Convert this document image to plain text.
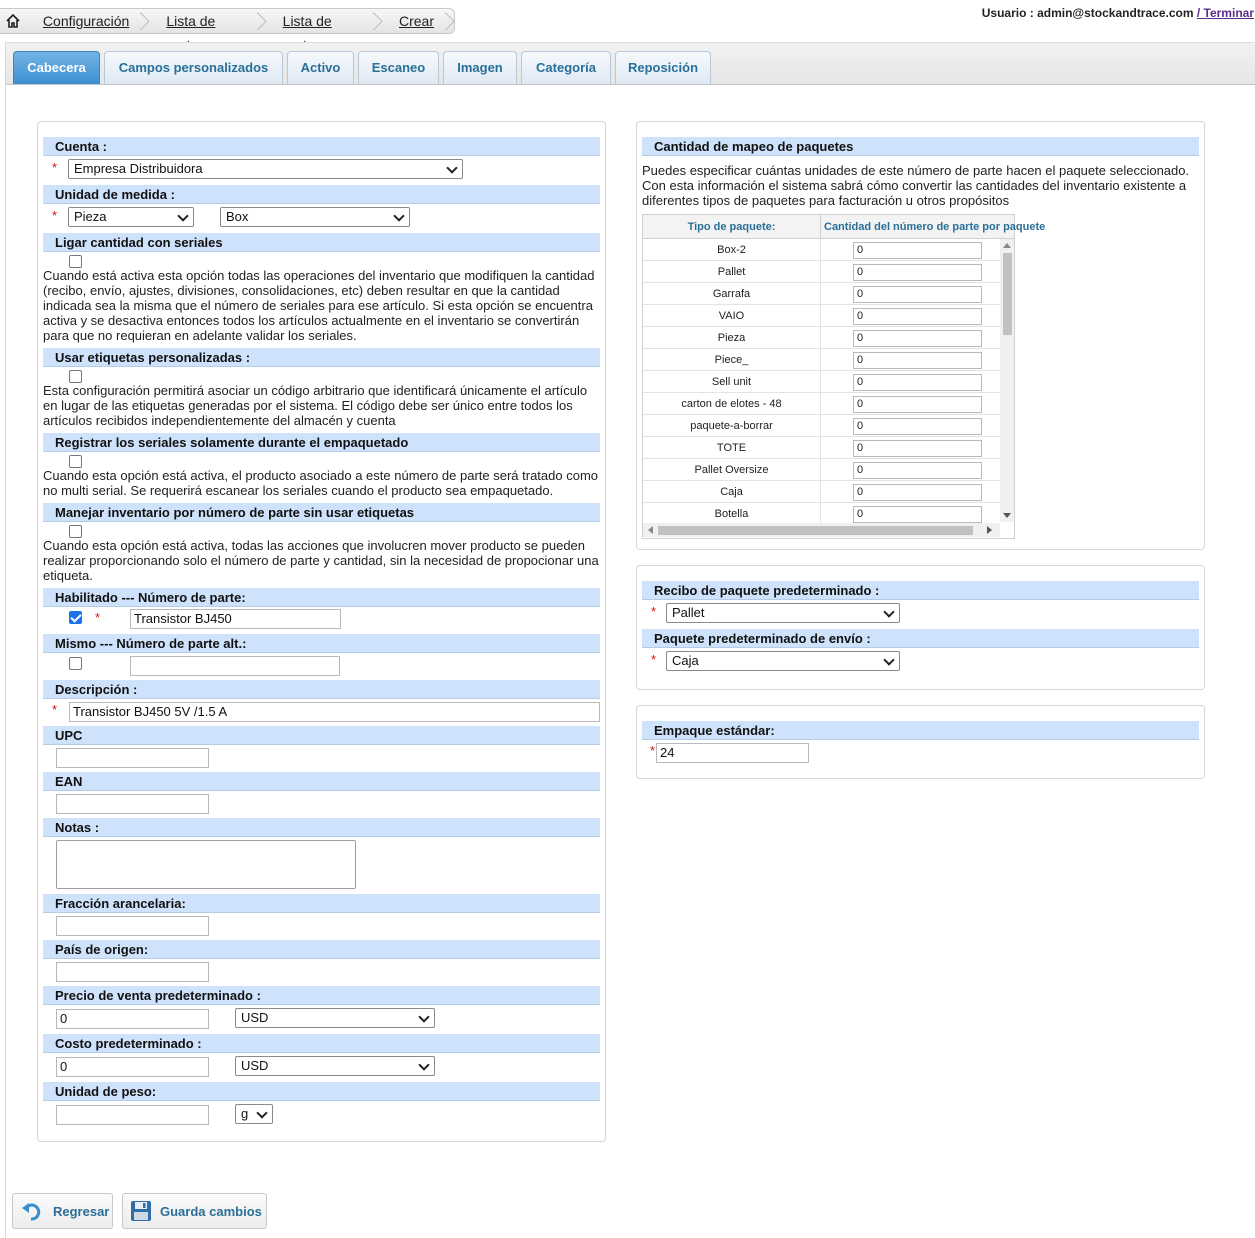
Configuración	Lista de	Lista de	Crear	Usuario : admin@stockandtrace.com / Terminar
Cabecera	Campos personalizados	Activo	Escaneo	Imagen	Categoría	Reposición
Cuenta :
*	Empresa Distribuidora
Unidad de medida :
*	Pieza	Box
Ligar cantidad con seriales
Cuando está activa esta opción todas las operaciones del inventario que modifiquen la cantidad (recibo, envío, ajustes, divisiones, consolidaciones, etc) deben resultar en que la cantidad indicada sea la misma que el número de seriales para ese artículo. Si esta opción se encuentra activa y se desactiva entonces todos los artículos actualmente en el inventario se convertirán para que no requieran en adelante validar los seriales.
Usar etiquetas personalizadas :
Esta configuración permitirá asociar un código arbitrario que identificará únicamente el artículo en lugar de las etiquetas generadas por el sistema. El código debe ser único entre todos los artículos recibidos independientemente del almacén y cuenta
Registrar los seriales solamente durante el empaquetado
Cuando esta opción está activa, el producto asociado a este número de parte será tratado como no multi serial. Se requerirá escanear los seriales cuando el producto sea empaquetado.
Manejar inventario por número de parte sin usar etiquetas
Cuando esta opción está activa, todas las acciones que involucren mover producto se pueden realizar proporcionando solo el número de parte y cantidad, sin la necesidad de propocionar una etiqueta.
Habilitado --- Número de parte:
*	Transistor BJ450
Mismo --- Número de parte alt.:
Descripción :
*	Transistor BJ450 5V /1.5 A
UPC
EAN
Notas :
Fracción arancelaria:
País de origen:
Precio de venta predeterminado :
0	USD
Costo predeterminado :
0	USD
Unidad de peso:
g
Cantidad de mapeo de paquetes
Puedes especificar cuántas unidades de este número de parte hacen el paquete seleccionado. Con esta información el sistema sabrá cómo convertir las cantidades del inventario existente a diferentes tipos de paquetes para facturación u otros propósitos
Tipo de paquete:	Cantidad del número de parte por paquete
Box-2	0
Pallet	0
Garrafa	0
VAIO	0
Pieza	0
Piece_	0
Sell unit	0
carton de elotes - 48	0
paquete-a-borrar	0
TOTE	0
Pallet Oversize	0
Caja	0
Botella	0
Recibo de paquete predeterminado :
*	Pallet
Paquete predeterminado de envío :
*	Caja
Empaque estándar:
* 24
Regresar	Guarda cambios
